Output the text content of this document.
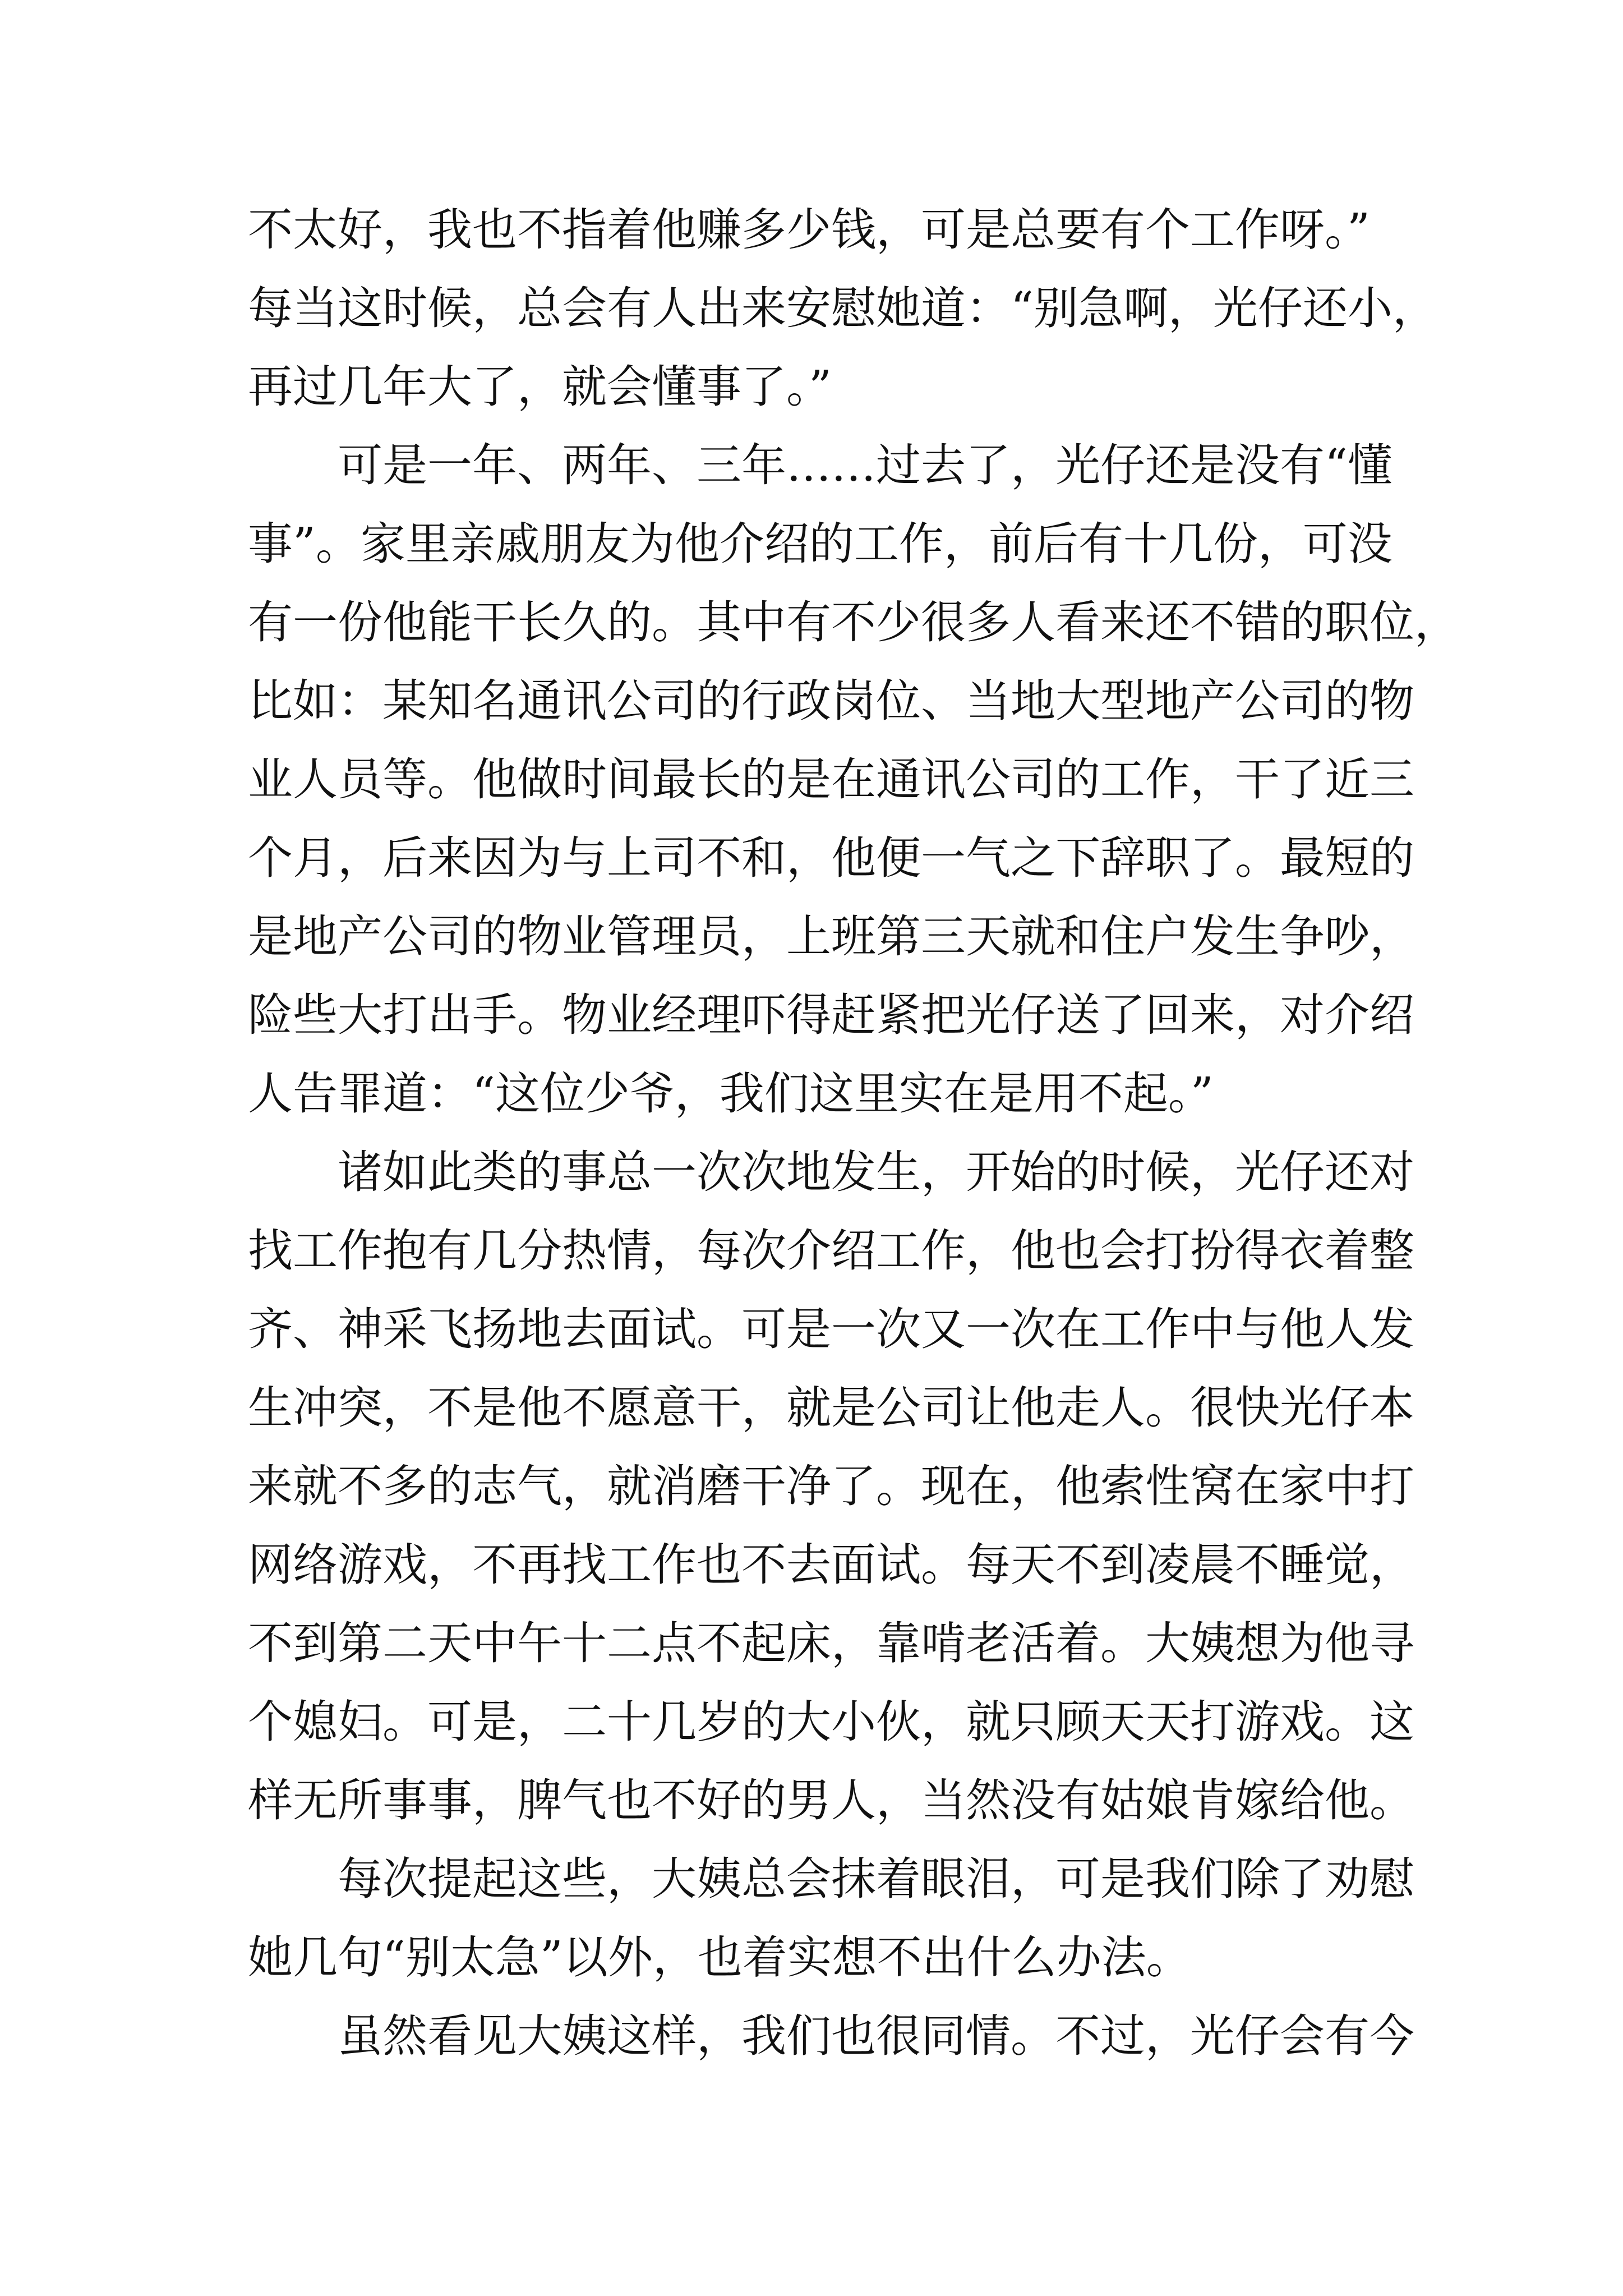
不太好，我也不指着他赚多少钱，可是总要有个工作呀。”
每当这时候，总会有人出来安慰她道：“别急啊，光仔还小，
再过几年大了，就会懂事了。”
可是一年、两年、三年……过去了，光仔还是没有“懂
事”。家里亲戚朋友为他介绍的工作，前后有十几份，可没
有一份他能干长久的。其中有不少很多人看来还不错的职位，
比如：某知名通讯公司的行政岗位、当地大型地产公司的物
业人员等。他做时间最长的是在通讯公司的工作，干了近三
个月，后来因为与上司不和，他便一气之下辞职了。最短的
是地产公司的物业管理员，上班第三天就和住户发生争吵，
险些大打出手。物业经理吓得赶紧把光仔送了回来，对介绍
人告罪道：“这位少爷，我们这里实在是用不起。”
诸如此类的事总一次次地发生，开始的时候，光仔还对
找工作抱有几分热情，每次介绍工作，他也会打扮得衣着整
齐、神采飞扬地去面试。可是一次又一次在工作中与他人发
生冲突，不是他不愿意干，就是公司让他走人。很快光仔本
来就不多的志气，就消磨干净了。现在，他索性窝在家中打
网络游戏，不再找工作也不去面试。每天不到凌晨不睡觉，
不到第二天中午十二点不起床，靠啃老活着。大姨想为他寻
个媳妇。可是，二十几岁的大小伙，就只顾天天打游戏。这
样无所事事，脾气也不好的男人，当然没有姑娘肯嫁给他。
每次提起这些，大姨总会抹着眼泪，可是我们除了劝慰
她几句“别太急”以外，也着实想不出什么办法。
虽然看见大姨这样，我们也很同情。不过，光仔会有今
